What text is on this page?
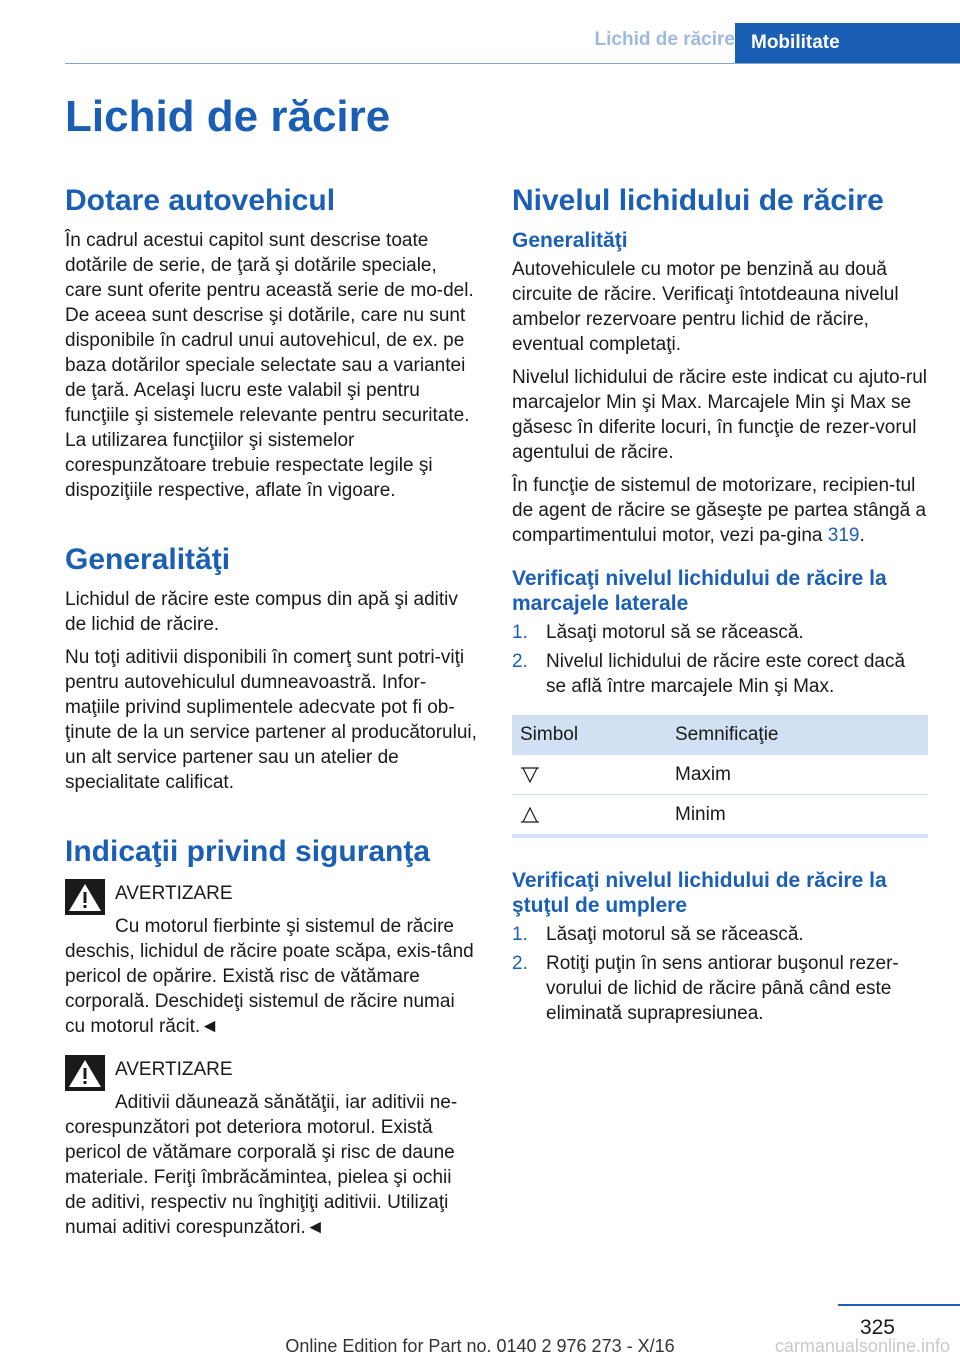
Lichid de răcire Mobilitate
Lichid de răcire
Dotare autovehicul

În cadrul acestui capitol sunt descrise toate dotările de serie, de ţară şi dotările speciale, care sunt oferite pentru această serie de mo‐del. De aceea sunt descrise şi dotările, care nu sunt disponibile în cadrul unui autovehicul, de ex. pe baza dotărilor speciale selectate sau a variantei de ţară. Acelaşi lucru este valabil şi pentru funcţiile şi sistemele relevante pentru securitate. La utilizarea funcţiilor şi sistemelor corespunzătoare trebuie respectate legile şi dispoziţiile respective, aflate în vigoare.

Generalităţi

Lichidul de răcire este compus din apă şi aditiv de lichid de răcire.

Nu toţi aditivii disponibili în comerţ sunt potri‐viţi pentru autovehiculul dumneavoastră. Infor‐maţiile privind suplimentele adecvate pot fi ob‐ţinute de la un service partener al producătorului, un alt service partener sau un atelier de specialitate calificat.

Indicaţii privind siguranţa
AVERTIZARE
Cu motorul fierbinte şi sistemul de răcire deschis, lichidul de răcire poate scăpa, exis‐tând pericol de opărire. Există risc de vătămare corporală. Deschideţi sistemul de răcire numai cu motorul răcit.◄
AVERTIZARE
Aditivii dăunează sănătăţii, iar aditivii ne‐corespunzători pot deteriora motorul. Există pericol de vătămare corporală şi risc de daune materiale. Feriţi îmbrăcămintea, pielea şi ochii de aditivi, respectiv nu înghiţiţi aditivii. Utilizaţi numai aditivi corespunzători.◄
Nivelul lichidului de răcire
Generalităţi

Autovehiculele cu motor pe benzină au două circuite de răcire. Verificaţi întotdeauna nivelul ambelor rezervoare pentru lichid de răcire, eventual completaţi.

Nivelul lichidului de răcire este indicat cu ajuto‐rul marcajelor Min şi Max. Marcajele Min şi Max se găsesc în diferite locuri, în funcţie de rezer‐vorul agentului de răcire.

În funcţie de sistemul de motorizare, recipien‐tul de agent de răcire se găseşte pe partea stângă a compartimentului motor, vezi pa‐gina 319.

Verificaţi nivelul lichidului de răcire la marcajele laterale
1. Lăsaţi motorul să se răcească.
2. Nivelul lichidului de răcire este corect dacă se află între marcajele Min şi Max.
Simbol	Semnificaţie

	Maxim

	Minim
Verificaţi nivelul lichidului de răcire la ştuţul de umplere
1. Lăsaţi motorul să se răcească.
2. Rotiţi puţin în sens antiorar buşonul rezer‐vorului de lichid de răcire până când este eliminată suprapresiunea.
325
Online Edition for Part no. 0140 2 976 273 - X/16	carmanualsonline.info
